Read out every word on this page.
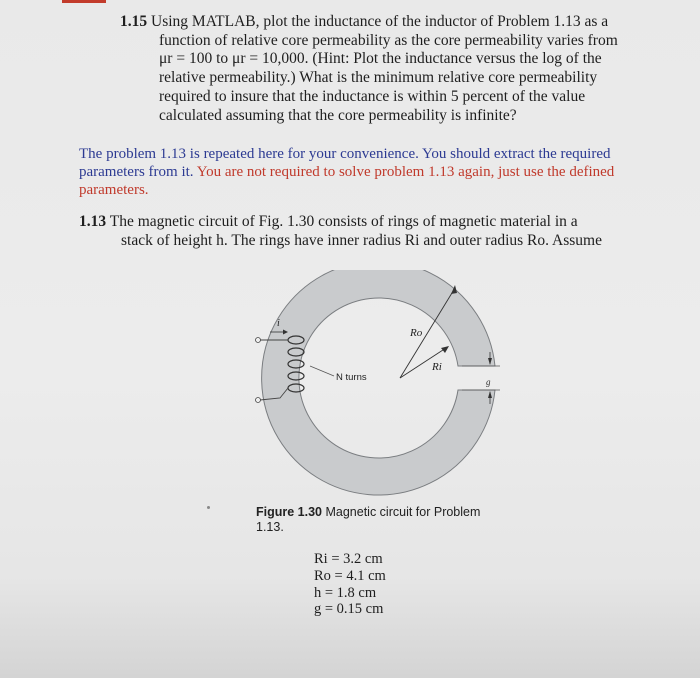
1.15 Using MATLAB, plot the inductance of the inductor of Problem 1.13 as a
function of relative core permeability as the core permeability varies from
μr = 100 to μr = 10,000. (Hint: Plot the inductance versus the log of the
relative permeability.) What is the minimum relative core permeability
required to insure that the inductance is within 5 percent of the value
calculated assuming that the core permeability is infinite?
The problem 1.13 is repeated here for your convenience. You should extract the required parameters from it. You are not required to solve problem 1.13 again, just use the defined parameters.
1.13 The magnetic circuit of Fig. 1.30 consists of rings of magnetic material in a
stack of height h. The rings have inner radius Ri and outer radius Ro. Assume
g
Ro
Ri
i
N turns
Figure 1.30 Magnetic circuit for Problem 1.13.
Ri = 3.2 cm
Ro = 4.1 cm
h = 1.8 cm
g = 0.15 cm
